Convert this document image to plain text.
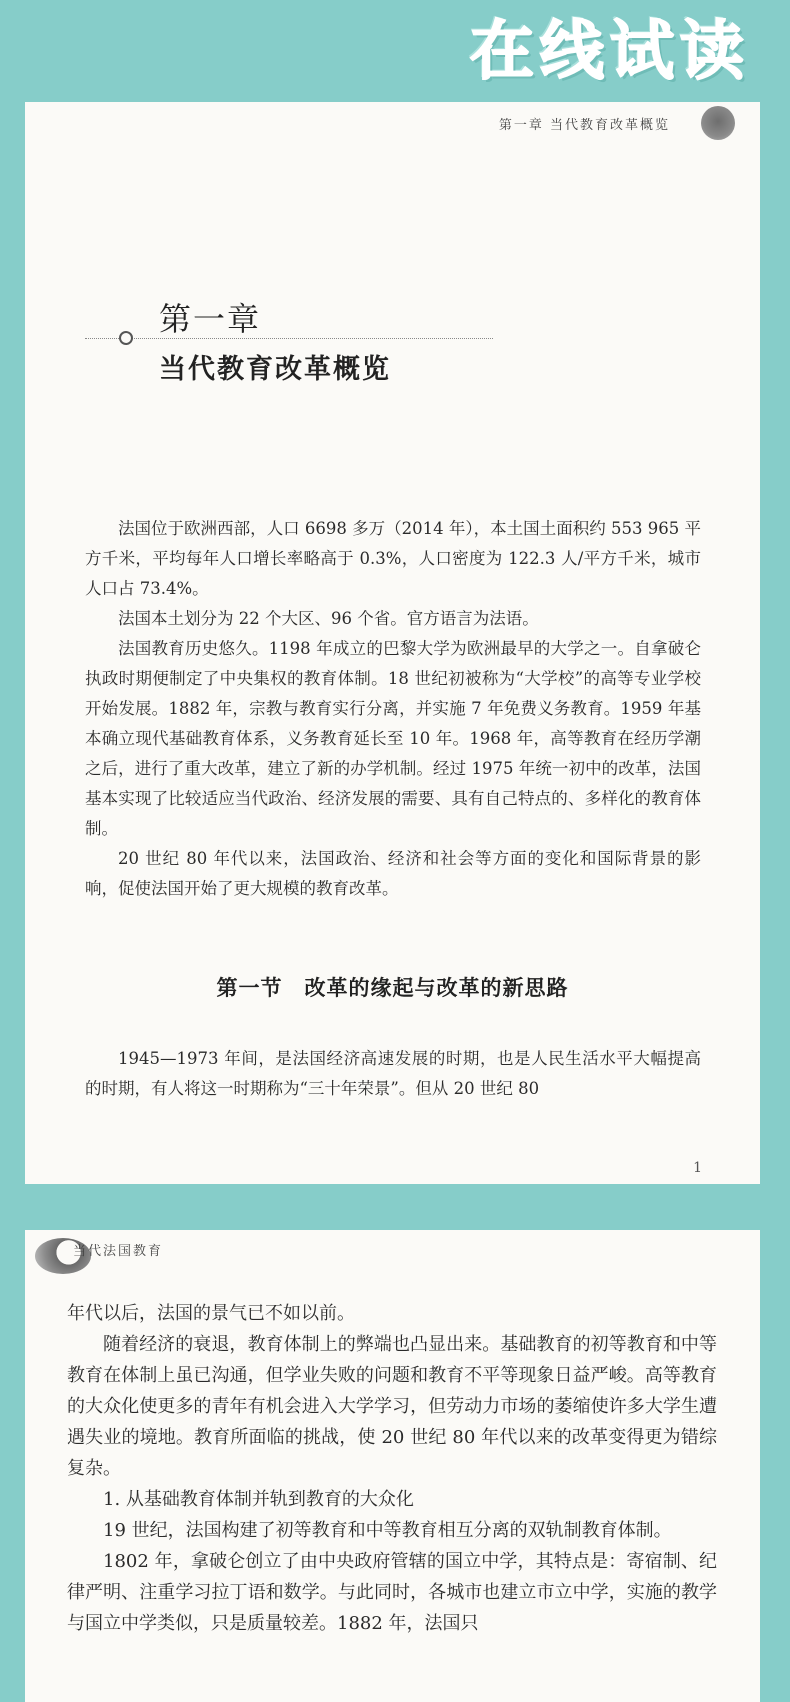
在线试读
第一章 当代教育改革概览
第一章
当代教育改革概览

法国位于欧洲西部，人口 6698 多万（2014 年），本土国土面积约 553 965 平方千米，平均每年人口增长率略高于 0.3%，人口密度为 122.3 人/平方千米，城市人口占 73.4%。

法国本土划分为 22 个大区、96 个省。官方语言为法语。

法国教育历史悠久。1198 年成立的巴黎大学为欧洲最早的大学之一。自拿破仑执政时期便制定了中央集权的教育体制。18 世纪初被称为“大学校”的高等专业学校开始发展。1882 年，宗教与教育实行分离，并实施 7 年免费义务教育。1959 年基本确立现代基础教育体系，义务教育延长至 10 年。1968 年，高等教育在经历学潮之后，进行了重大改革，建立了新的办学机制。经过 1975 年统一初中的改革，法国基本实现了比较适应当代政治、经济发展的需要、具有自己特点的、多样化的教育体制。

20 世纪 80 年代以来，法国政治、经济和社会等方面的变化和国际背景的影响，促使法国开始了更大规模的教育改革。

第一节　改革的缘起与改革的新思路

1945—1973 年间，是法国经济高速发展的时期，也是人民生活水平大幅提高的时期，有人将这一时期称为“三十年荣景”。但从 20 世纪 80

1
当代法国教育

年代以后，法国的景气已不如以前。

随着经济的衰退，教育体制上的弊端也凸显出来。基础教育的初等教育和中等教育在体制上虽已沟通，但学业失败的问题和教育不平等现象日益严峻。高等教育的大众化使更多的青年有机会进入大学学习，但劳动力市场的萎缩使许多大学生遭遇失业的境地。教育所面临的挑战，使 20 世纪 80 年代以来的改革变得更为错综复杂。

1. 从基础教育体制并轨到教育的大众化

19 世纪，法国构建了初等教育和中等教育相互分离的双轨制教育体制。

1802 年，拿破仑创立了由中央政府管辖的国立中学，其特点是：寄宿制、纪律严明、注重学习拉丁语和数学。与此同时，各城市也建立市立中学，实施的教学与国立中学类似，只是质量较差。1882 年，法国只
